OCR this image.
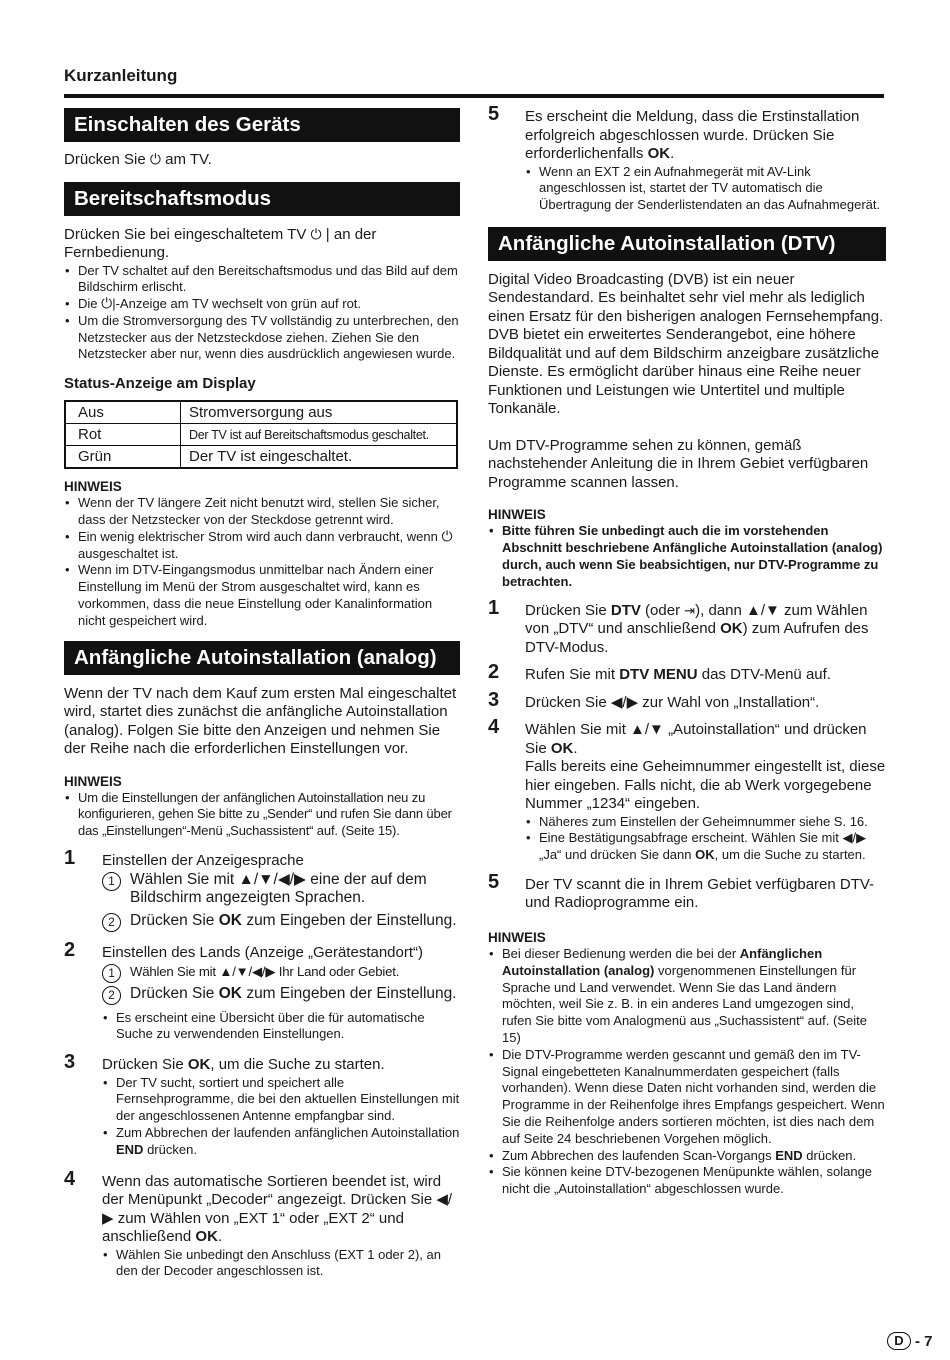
Kurzanleitung
Einschalten des Geräts

Drücken Sie ⏻ am TV.

Bereitschaftsmodus

Drücken Sie bei eingeschaltetem TV ⏻ | an der Fernbedienung.

• Der TV schaltet auf den Bereitschaftsmodus und das Bild auf dem Bildschirm erlischt.
• Die ⏻|-Anzeige am TV wechselt von grün auf rot.
• Um die Stromversorgung des TV vollständig zu unterbrechen, den Netzstecker aus der Netzsteckdose ziehen. Ziehen Sie den Netzstecker aber nur, wenn dies ausdrücklich angewiesen wurde.

Status-Anzeige am Display

Aus	Stromversorgung aus
Rot	Der TV ist auf Bereitschaftsmodus geschaltet.
Grün	Der TV ist eingeschaltet.

HINWEIS

• Wenn der TV längere Zeit nicht benutzt wird, stellen Sie sicher, dass der Netzstecker von der Steckdose getrennt wird.
• Ein wenig elektrischer Strom wird auch dann verbraucht, wenn ⏻ ausgeschaltet ist.
• Wenn im DTV-Eingangsmodus unmittelbar nach Ändern einer Einstellung im Menü der Strom ausgeschaltet wird, kann es vorkommen, dass die neue Einstellung oder Kanalinformation nicht gespeichert wird.
Anfängliche Autoinstallation (analog)

Wenn der TV nach dem Kauf zum ersten Mal eingeschaltet wird, startet dies zunächst die anfängliche Autoinstallation (analog). Folgen Sie bitte den Anzeigen und nehmen Sie der Reihe nach die erforderlichen Einstellungen vor.

HINWEIS

• Um die Einstellungen der anfänglichen Autoinstallation neu zu konfigurieren, gehen Sie bitte zu „Sender“ und rufen Sie dann über das „Einstellungen“-Menü „Suchassistent“ auf. (Seite 15).
1 Einstellen der Anzeigesprache

1 Wählen Sie mit ▲/▼/◀/▶ eine der auf dem Bildschirm angezeigten Sprachen.
2 Drücken Sie OK zum Eingeben der Einstellung.
2 Einstellen des Lands (Anzeige „Gerätestandort“)

1	Wählen Sie mit ▲/▼/◀/▶ Ihr Land oder Gebiet.
2 Drücken Sie OK zum Eingeben der Einstellung.
• Es erscheint eine Übersicht über die für automatische Suche zu verwendenden Einstellungen.
3 Drücken Sie OK, um die Suche zu starten.

• Der TV sucht, sortiert und speichert alle Fernsehprogramme, die bei den aktuellen Einstellungen mit der angeschlossenen Antenne empfangbar sind.
• Zum Abbrechen der laufenden anfänglichen Autoinstallation END drücken.
4 Wenn das automatische Sortieren beendet ist, wird der Menüpunkt „Decoder“ angezeigt. Drücken Sie ◀/▶ zum Wählen von „EXT 1“ oder „EXT 2“ und anschließend OK.

• Wählen Sie unbedingt den Anschluss (EXT 1 oder 2), an den der Decoder angeschlossen ist.
5 Es erscheint die Meldung, dass die Erstinstallation erfolgreich abgeschlossen wurde. Drücken Sie erforderlichenfalls OK.

• Wenn an EXT 2 ein Aufnahmegerät mit AV-Link angeschlossen ist, startet der TV automatisch die Übertragung der Senderlistendaten an das Aufnahmegerät.
Anfängliche Autoinstallation (DTV)

Digital Video Broadcasting (DVB) ist ein neuer Sendestandard. Es beinhaltet sehr viel mehr als lediglich einen Ersatz für den bisherigen analogen Fernsehempfang. DVB bietet ein erweitertes Senderangebot, eine höhere Bildqualität und auf dem Bildschirm anzeigbare zusätzliche Dienste. Es ermöglicht darüber hinaus eine Reihe neuer Funktionen und Leistungen wie Untertitel und multiple Tonkanäle.

Um DTV-Programme sehen zu können, gemäß nachstehender Anleitung die in Ihrem Gebiet verfügbaren Programme scannen lassen.

HINWEIS

• Bitte führen Sie unbedingt auch die im vorstehenden Abschnitt beschriebene Anfängliche Autoinstallation (analog) durch, auch wenn Sie beabsichtigen, nur DTV-Programme zu betrachten.
1 Drücken Sie DTV (oder ⇥), dann ▲/▼ zum Wählen von „DTV“ und anschließend OK) zum Aufrufen des DTV-Modus.

2 Rufen Sie mit DTV MENU das DTV-Menü auf.

3 Drücken Sie ◀/▶ zur Wahl von „Installation“.

4 Wählen Sie mit ▲/▼ „Autoinstallation“ und drücken Sie OK.

Falls bereits eine Geheimnummer eingestellt ist, diese hier eingeben. Falls nicht, die ab Werk vorgegebene Nummer „1234“ eingeben.

• Näheres zum Einstellen der Geheimnummer siehe S. 16.
• Eine Bestätigungsabfrage erscheint. Wählen Sie mit ◀/▶ „Ja“ und drücken Sie dann OK, um die Suche zu starten.
5 Der TV scannt die in Ihrem Gebiet verfügbaren DTV- und Radioprogramme ein.

HINWEIS

• Bei dieser Bedienung werden die bei der Anfänglichen Autoinstallation (analog) vorgenommenen Einstellungen für Sprache und Land verwendet. Wenn Sie das Land ändern möchten, weil Sie z. B. in ein anderes Land umgezogen sind, rufen Sie bitte vom Analogmenü aus „Suchassistent“ auf. (Seite 15)
• Die DTV-Programme werden gescannt und gemäß den im TV-Signal eingebetteten Kanalnummerdaten gespeichert (falls vorhanden). Wenn diese Daten nicht vorhanden sind, werden die Programme in der Reihenfolge ihres Empfangs gespeichert. Wenn Sie die Reihenfolge anders sortieren möchten, ist dies nach dem auf Seite 24 beschriebenen Vorgehen möglich.
• Zum Abbrechen des laufenden Scan-Vorgangs END drücken.
• Sie können keine DTV-bezogenen Menüpunkte wählen, solange nicht die „Autoinstallation“ abgeschlossen wurde.
D - 7
